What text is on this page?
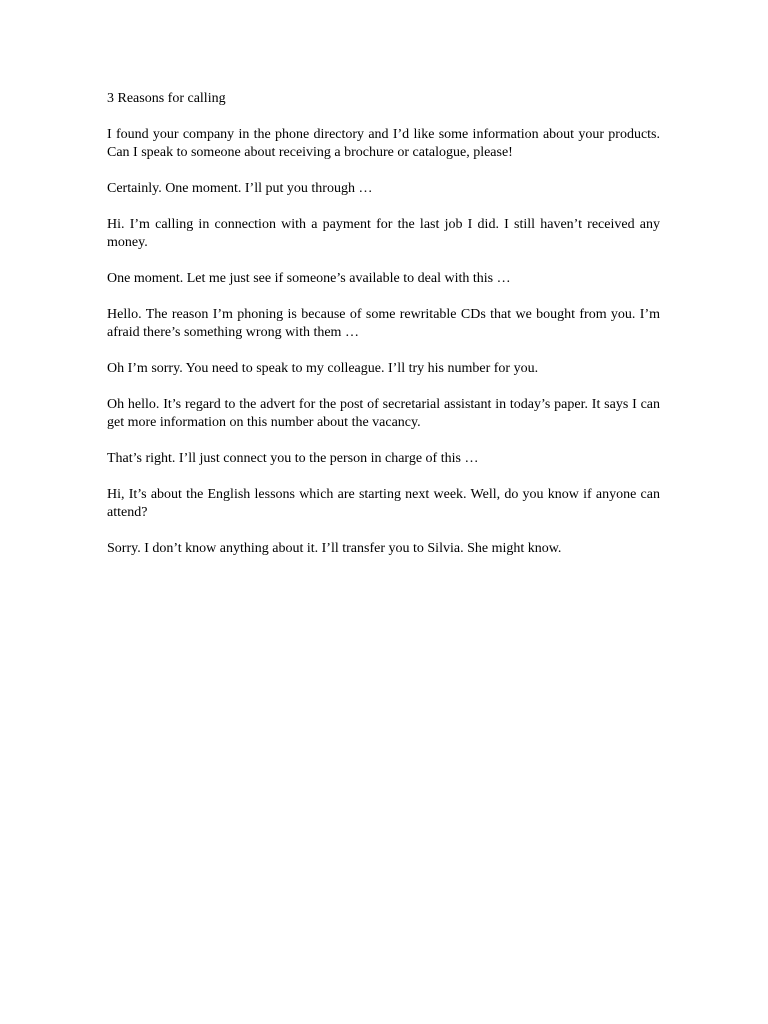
3 Reasons for calling

I found your company in the phone directory and I’d like some information about your products. Can I speak to someone about receiving a brochure or catalogue, please!

Certainly. One moment. I’ll put you through …

Hi. I’m calling in connection with a payment for the last job I did. I still haven’t received any money.

One moment. Let me just see if someone’s available to deal with this …

Hello. The reason I’m phoning is because of some rewritable CDs that we bought from you. I’m afraid there’s something wrong with them …

Oh I’m sorry. You need to speak to my colleague. I’ll try his number for you.

Oh hello. It’s regard to the advert for the post of secretarial assistant in today’s paper. It says I can get more information on this number about the vacancy.

That’s right. I’ll just connect you to the person in charge of this …

Hi, It’s about the English lessons which are starting next week. Well, do you know if anyone can attend?

Sorry. I don’t know anything about it. I’ll transfer you to Silvia. She might know.
